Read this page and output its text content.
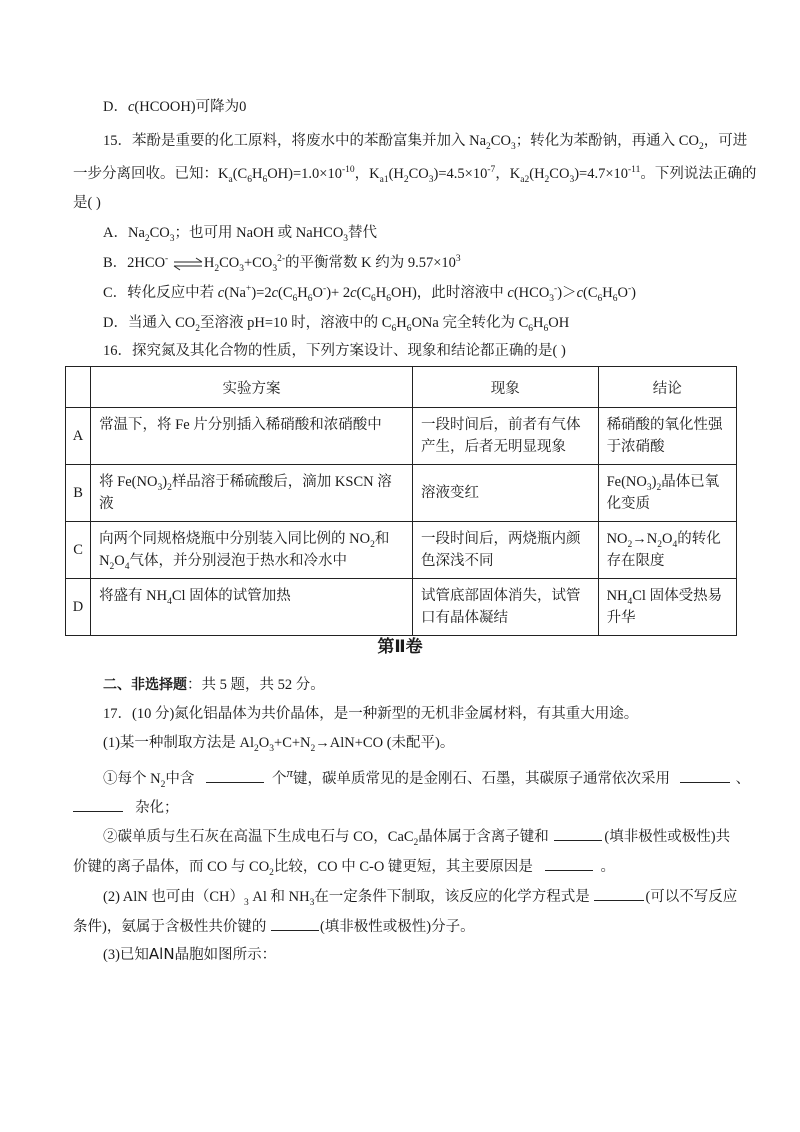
D．c(HCOOH)可降为0
15．苯酚是重要的化工原料，将废水中的苯酚富集并加入 $Na_2CO_3$；转化为苯酚钠，再通入 $CO_2$，可进
一步分离回收。已知：$K_a(C_6H_6OH)=1.0\times 10^{-10}$，$K_{a1}(H_2CO_3)=4.5\times 10^{-7}$，$K_{a2}(H_2CO_3)=4.7\times 10^{-11}$。下列说法正确的
是( )
A．$Na_2CO_3$；也可用 NaOH 或 NaHCO$_3$替代
B．2HCO- $\rightleftharpoons H_2CO_3+CO_3^{2-}$的平衡常数 K 约为 $9.57\times 10^3$
C．转化反应中若 $c(Na^+)=2c(C_6H_6O^-)+ 2c(C_6H_6OH)$，此时溶液中 $c(HCO_3^-)>c(C_6H_6O^-)$
D．当通入 $CO_2$至溶液 pH=10 时，溶液中的 $C_6H_6ONa$ 完全转化为 $C_6H_6OH$
16．探究氮及其化合物的性质，下列方案设计、现象和结论都正确的是( )
	实验方案	现象	结论
A	常温下，将 Fe 片分别插入稀硝酸和浓硝酸中	一段时间后，前者有气体产生，后者无明显现象	稀硝酸的氧化性强于浓硝酸

B	将 $Fe(NO_3)_2$样品溶于稀硫酸后，滴加 KSCN 溶液	溶液变红	$Fe(NO_3)_2$晶体已氧化变质

C	向两个同规格烧瓶中分别装入同比例的 $NO_2$和 $N_2O_4$气体，并分别浸泡于热水和冷水中	一段时间后，两烧瓶内颜色深浅不同	$NO_2\to N_2O_4$的转化存在限度

D	将盛有 $NH_4Cl$ 固体的试管加热	试管底部固体消失，试管口有晶体凝结	$NH_4Cl$ 固体受热易升华
第Ⅱ卷
二、非选择题：共 5 题，共 52 分。
17．(10 分)氮化铝晶体为共价晶体，是一种新型的无机非金属材料，有其重大用途。
(1)某一种制取方法是 $Al_2O_3+C+N_2\to AlN+CO$ (未配平)。
①每个 $N_2$中含	个π键，碳单质常见的是金刚石、石墨，其碳原子通常依次采用	、
杂化；
②碳单质与生石灰在高温下生成电石与 CO，CaC$_2$晶体属于含离子键和	(填非极性或极性)共
价键的离子晶体，而 CO 与 $CO_2$比较，CO 中 C-O 键更短，其主要原因是	。
(2) AlN 也可由$(CH)_3$ Al 和 $NH_3$在一定条件下制取，该反应的化学方程式是	(可以不写反应
条件)，氨属于含极性共价键的	(填非极性或极性)分子。
(3)已知AlN晶胞如图所示：
